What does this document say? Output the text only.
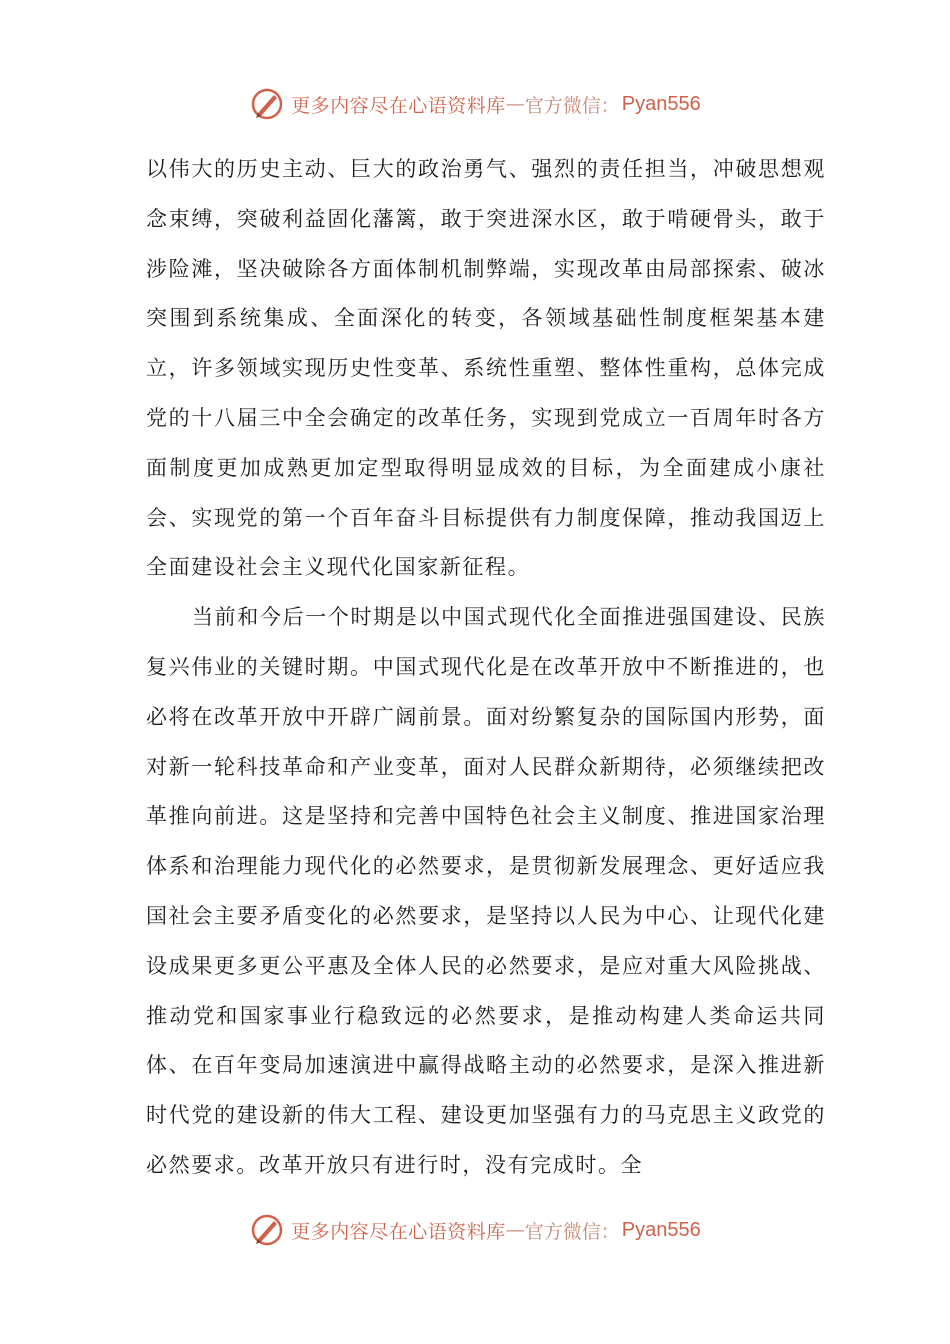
更多内容尽在心语资料库 — 官方微信： Pyan556

以伟大的历史主动、巨大的政治勇气、强烈的责任担当，冲破思想观念束缚，突破利益固化藩篱，敢于突进深水区，敢于啃硬骨头，敢于涉险滩，坚决破除各方面体制机制弊端，实现改革由局部探索、破冰突围到系统集成、全面深化的转变，各领域基础性制度框架基本建立，许多领域实现历史性变革、系统性重塑、整体性重构，总体完成党的十八届三中全会确定的改革任务，实现到党成立一百周年时各方面制度更加成熟更加定型取得明显成效的目标，为全面建成小康社会、实现党的第一个百年奋斗目标提供有力制度保障，推动我国迈上全面建设社会主义现代化国家新征程。

当前和今后一个时期是以中国式现代化全面推进强国建设、民族复兴伟业的关键时期。中国式现代化是在改革开放中不断推进的，也必将在改革开放中开辟广阔前景。面对纷繁复杂的国际国内形势，面对新一轮科技革命和产业变革，面对人民群众新期待，必须继续把改革推向前进。这是坚持和完善中国特色社会主义制度、推进国家治理体系和治理能力现代化的必然要求，是贯彻新发展理念、更好适应我国社会主要矛盾变化的必然要求，是坚持以人民为中心、让现代化建设成果更多更公平惠及全体人民的必然要求，是应对重大风险挑战、推动党和国家事业行稳致远的必然要求，是推动构建人类命运共同体、在百年变局加速演进中赢得战略主动的必然要求，是深入推进新时代党的建设新的伟大工程、建设更加坚强有力的马克思主义政党的必然要求。改革开放只有进行时，没有完成时。全

更多内容尽在心语资料库 — 官方微信： Pyan556
